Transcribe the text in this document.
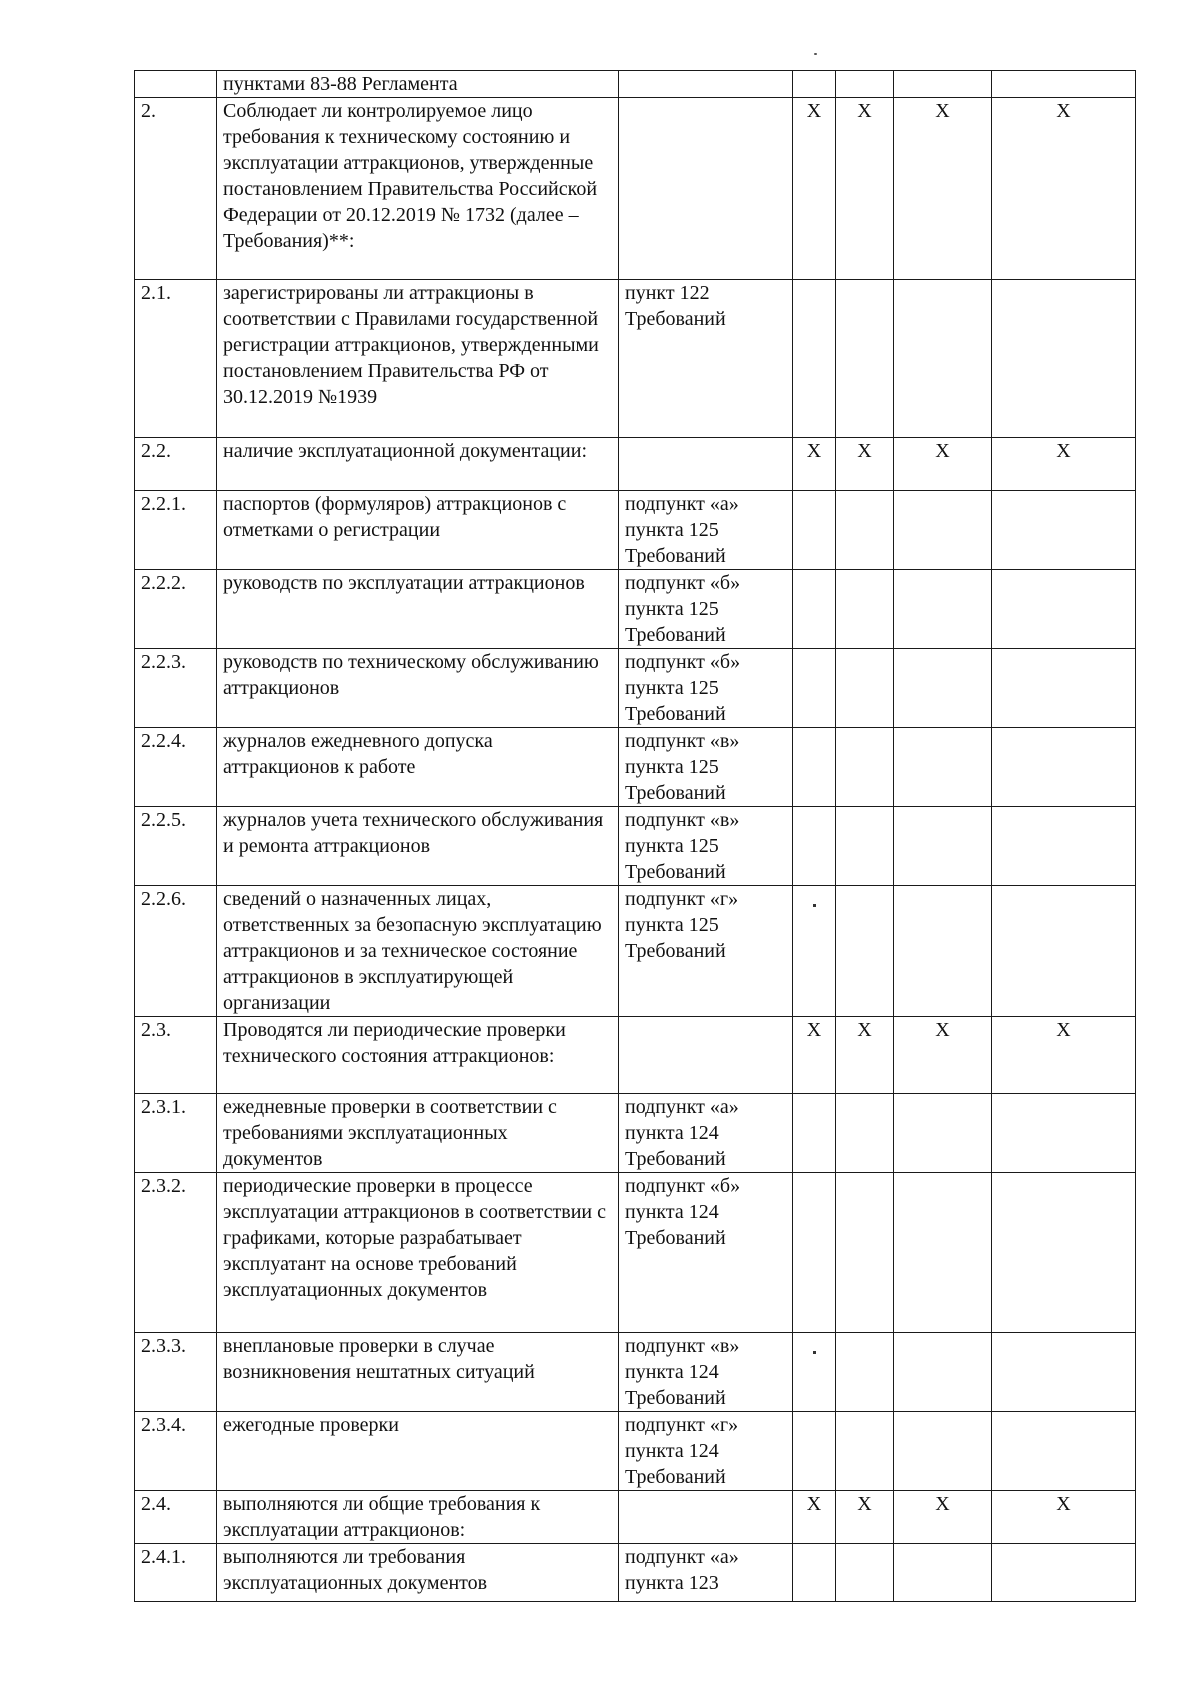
	пунктами 83-88 Регламента					
2.	Соблюдает ли контролируемое лицо требования к техническому состоянию и эксплуатации аттракционов, утвержденные постановлением Правительства Российской Федерации от 20.12.2019 № 1732 (далее – Требования)**:		X	X	X	X
2.1.	зарегистрированы ли аттракционы в соответствии с Правилами государственной регистрации аттракционов, утвержденными постановлением Правительства РФ от 30.12.2019 №1939	пункт 122 Требований				
2.2.	наличие эксплуатационной документации:		X	X	X	X
2.2.1.	паспортов (формуляров) аттракционов с отметками о регистрации	подпункт «а» пункта 125 Требований				
2.2.2.	руководств по эксплуатации аттракционов	подпункт «б» пункта 125 Требований				
2.2.3.	руководств по техническому обслуживанию аттракционов	подпункт «б» пункта 125 Требований				
2.2.4.	журналов ежедневного допуска аттракционов к работе	подпункт «в» пункта 125 Требований				
2.2.5.	журналов учета технического обслуживания и ремонта аттракционов	подпункт «в» пункта 125 Требований				
2.2.6.	сведений о назначенных лицах, ответственных за безопасную эксплуатацию аттракционов и за техническое состояние аттракционов в эксплуатирующей организации	подпункт «г» пункта 125 Требований				
2.3.	Проводятся ли периодические проверки технического состояния аттракционов:		X	X	X	X
2.3.1.	ежедневные проверки в соответствии с требованиями эксплуатационных документов	подпункт «а» пункта 124 Требований				
2.3.2.	периодические проверки в процессе эксплуатации аттракционов в соответствии с графиками, которые разрабатывает эксплуатант на основе требований эксплуатационных документов	подпункт «б» пункта 124 Требований				
2.3.3.	внеплановые проверки в случае возникновения нештатных ситуаций	подпункт «в» пункта 124 Требований				
2.3.4.	ежегодные проверки	подпункт «г» пункта 124 Требований				
2.4.	выполняются ли общие требования к эксплуатации аттракционов:		X	X	X	X
2.4.1.	выполняются ли требования эксплуатационных документов	подпункт «а» пункта 123				
